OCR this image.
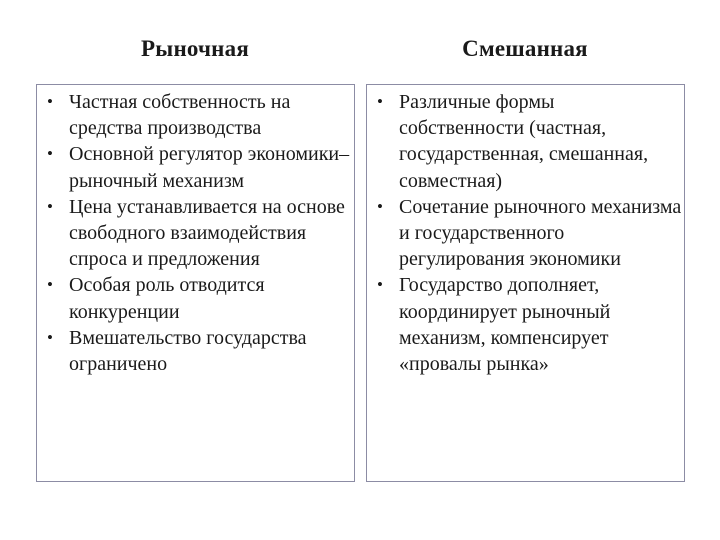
Рыночная	Смешанная
• Частная собственность на средства производства
• Основной регулятор экономики– рыночный механизм
• Цена устанавливается на основе свободного взаимодействия спроса и предложения
• Особая роль отводится конкуренции
• Вмешательство государства ограничено
• Различные формы собственности (частная, государственная, смешанная, совместная)
• Сочетание рыночного механизма и государственного регулирования экономики
• Государство дополняет, координирует рыночный механизм, компенсирует «провалы рынка»
